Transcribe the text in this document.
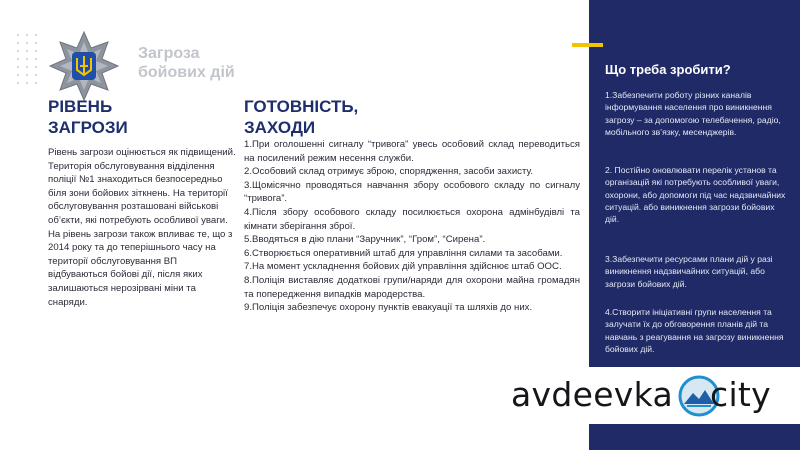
Загроза
бойових дій
РІВЕНЬ
ЗАГРОЗИ

Рівень загрози оцінюється як підвищений. Територія обслуговування відділення поліції №1 знаходиться безпосередньо біля зони бойових зіткнень. На території обслуговування розташовані військові об’єкти, які потребують особливої уваги. На рівень загрози також впливає те, що з 2014 року та до теперішнього часу на території обслуговування ВП відбуваються бойові дії, після яких залишаються нерозірвані міни та снаряди.

ГОТОВНІСТЬ,
ЗАХОДИ
1.При оголошенні сигналу “тривога” увесь особовий склад переводиться на посилений режим несення служби.
2.Особовий склад отримує зброю, спорядження, засоби захисту.
3.Щомісячно проводяться навчання збору особового складу по сигналу “тривога”.
4.Після збору особового складу посилюється охорона адмінбудівлі та кімнати зберігання зброї.
5.Вводяться в дію плани “Заручник”, “Гром”, “Сирена”.
6.Створюється оперативний штаб для управління силами та засобами.
7.На момент ускладнення бойових дій управління здійснює штаб ООС.
8.Поліція виставляє додаткові групи/наряди для охорони майна громадян та попередження випадків мародерства.
9.Поліція забезпечує охорону пунктів евакуації та шляхів до них.
Що треба зробити?

1.Забезпечити роботу різних каналів інформування населення про виникнення загрозу – за допомогою телебачення, радіо, мобільного зв’язку, месенджерів.

2. Постійно оновлювати перелік установ та організацій які потребують особливої уваги, охорони, або допомоги під час надзвичайних ситуацій. або виникнення загрози бойових дій.

3.Забезпечити ресурсами плани дій у разі виникнення надзвичайних ситуацій, або загрози бойових дій.

4.Створити ініціативні групи населення та залучати їх до обговорення планів дій та навчань з реагування на загрозу виникнення бойових дій.

avdeevka city
